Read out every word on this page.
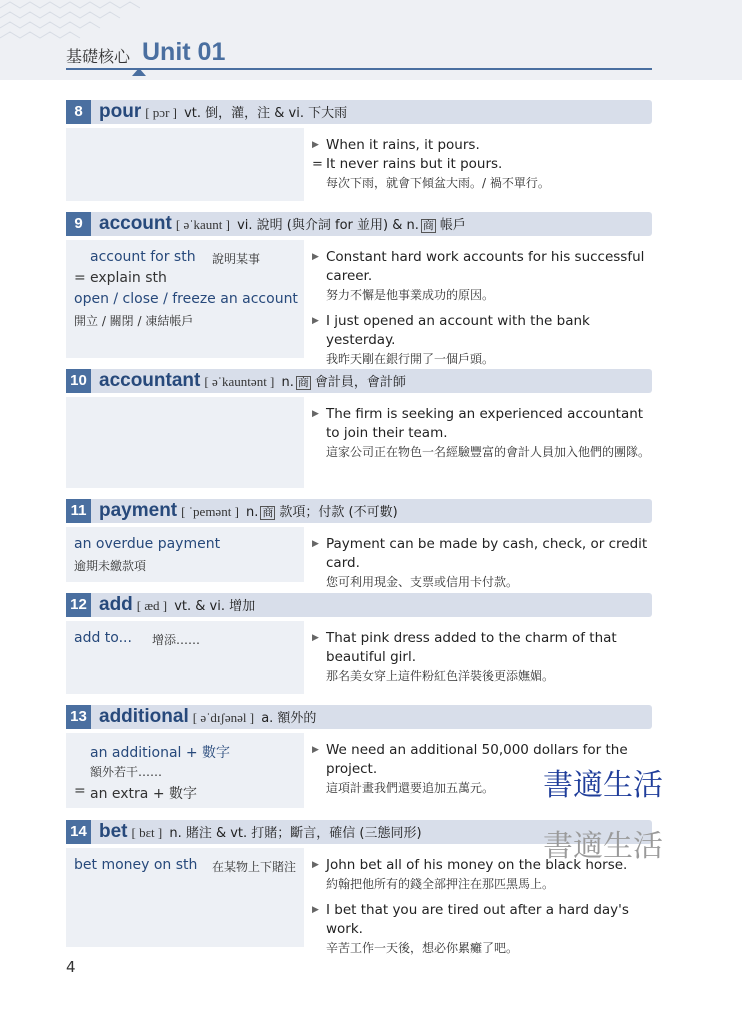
基礎核心 Unit 01
8 pour [ pɔr ] vt. 倒，灌，注 & vi. 下大雨
▶ When it rains, it pours.
= It never rains but it pours.
每次下雨，就會下傾盆大雨。/ 禍不單行。
9 account [ əˈkaunt ] vi. 說明 (與介詞 for 並用) & n. 商 帳戶
account for sth 說明某事
= explain sth
open / close / freeze an account
開立 / 關閉 / 凍結帳戶
▶ Constant hard work accounts for his successful career.
努力不懈是他事業成功的原因。
▶ I just opened an account with the bank yesterday.
我昨天剛在銀行開了一個戶頭。
10 accountant [ əˈkauntənt ] n. 商 會計員，會計師
▶ The firm is seeking an experienced accountant to join their team.
這家公司正在物色一名經驗豐富的會計人員加入他們的團隊。
11 payment [ ˈpemənt ] n. 商 款項；付款 (不可數)
an overdue payment
逾期未繳款項
▶ Payment can be made by cash, check, or credit card.
您可利用現金、支票或信用卡付款。
12 add [ æd ] vt. & vi. 增加
add to... 增添……	▶ That pink dress added to the charm of that beautiful girl.
那名美女穿上這件粉紅色洋裝後更添嫵媚。
13 additional [ əˈdɪʃənəl ] a. 額外的
an additional + 數字
額外若干……
= an extra + 數字
▶ We need an additional 50,000 dollars for the project.
這項計畫我們還要追加五萬元。
14 bet [ bɛt ] n. 賭注 & vt. 打賭；斷言，確信 (三態同形)
bet money on sth 在某物上下賭注 ▶ John bet all of his money on the black horse.
約翰把他所有的錢全部押注在那匹黑馬上。
▶ I bet that you are tired out after a hard day's work.
辛苦工作一天後，想必你累癱了吧。
書適生活
書適生活
4
